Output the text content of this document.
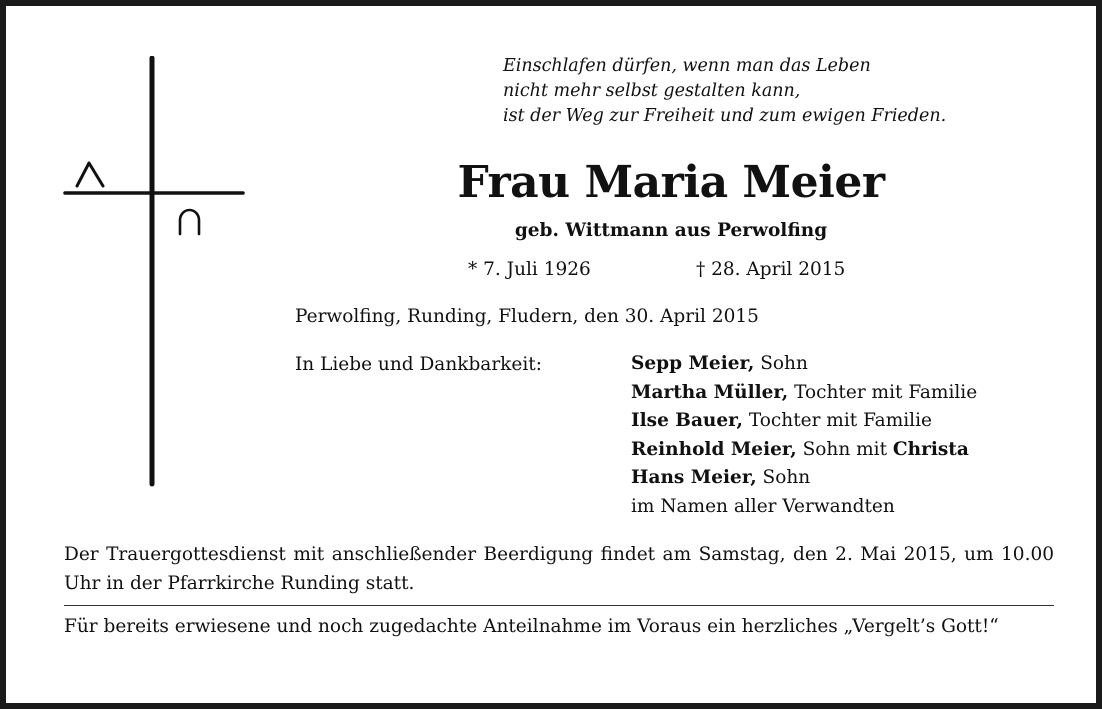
Einschlafen dürfen, wenn man das Leben
nicht mehr selbst gestalten kann,
ist der Weg zur Freiheit und zum ewigen Frieden.
Frau Maria Meier
geb. Wittmann aus Perwolfing
* 7. Juli 1926	† 28. April 2015
Perwolfing, Runding, Fludern, den 30. April 2015
In Liebe und Dankbarkeit:	Sepp Meier, Sohn
Martha Müller, Tochter mit Familie
Ilse Bauer, Tochter mit Familie
Reinhold Meier, Sohn mit Christa
Hans Meier, Sohn
im Namen aller Verwandten
Der Trauergottesdienst mit anschließender Beerdigung findet am Samstag, den 2. Mai 2015, um 10.00 Uhr in der Pfarrkirche Runding statt.
Für bereits erwiesene und noch zugedachte Anteilnahme im Voraus ein herzliches „Vergelt’s Gott!“
